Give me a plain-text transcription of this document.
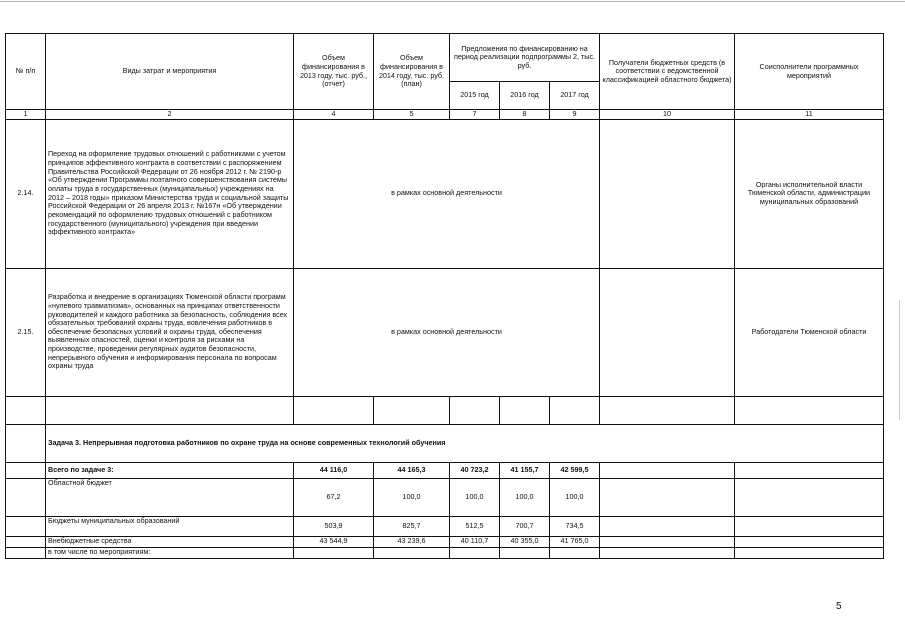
№ п/п	Виды затрат и мероприятия	Объем финансирования в 2013 году, тыс. руб., (отчет)	Объем финансирования в 2014 году, тыс. руб. (план)	Предложения по финансированию на период реализации подпрограммы 2, тыс. руб.			Получатели бюджетных средств (в соответствии с ведомственной классификацией областного бюджета)	Соисполнители программных мероприятий
				2015 год	2016 год	2017 год		
1	2	4	5	7	8	9	10	11
2.14.	Переход на оформление трудовых отношений с работниками с учетом принципов эффективного контракта в соответствии с распоряжением Правительства Российской Федерации от 26 ноября 2012 г. № 2190-р «Об утверждении Программы поэтапного совершенствования системы оплаты труда в государственных (муниципальных) учреждениях на 2012 – 2018 годы» приказом Министерства труда и социальной защиты Российской Федерации от 26 апреля 2013 г. №167н «Об утверждении рекомендаций по оформлению трудовых отношений с работником государственного (муниципального) учреждения при введении эффективного контракта»	в рамках основной деятельности						Органы исполнительной власти Тюменской области, администрации муниципальных образований
2.15.	Разработка и внедрение в организациях Тюменской области программ «нулевого травматизма», основанных на принципах ответственности руководителей и каждого работника за безопасность, соблюдения всех обязательных требований охраны труда, вовлечения работников в обеспечение безопасных условий и охраны труда, обеспечения выявленных опасностей, оценки и контроля за рисками на производстве, проведении регулярных аудитов безопасности, непрерывного обучения и информирования персонала по вопросам охраны труда	в рамках основной деятельности						Работодатели Тюменской области

	Задача 3. Непрерывная подготовка работников по охране труда на основе современных технологий обучения							
	Всего по задаче 3:	44 116,0	44 165,3	40 723,2	41 155,7	42 599,5		
	Областной бюджет	67,2	100,0	100,0	100,0	100,0		
	Бюджеты муниципальных образований	503,9	825,7	512,5	700,7	734,5		
	Внебюджетные средства	43 544,9	43 239,6	40 110,7	40 355,0	41 765,0		
	в том числе по мероприятиям:							
5
